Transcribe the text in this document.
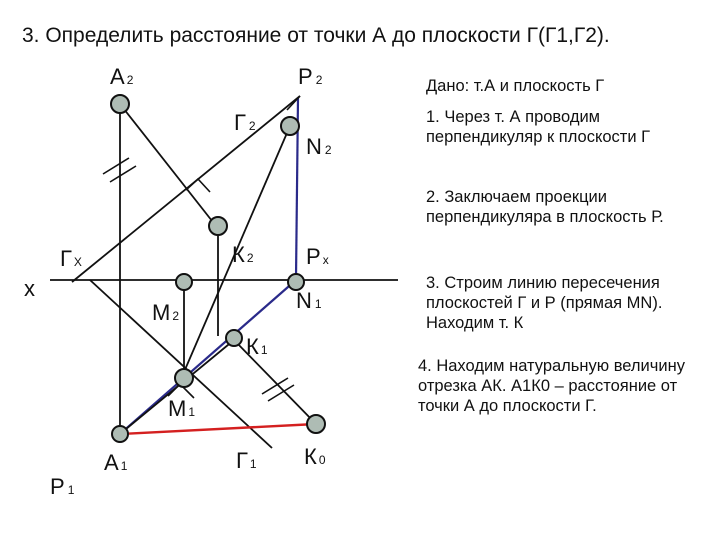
3. Определить расстояние от точки А до плоскости Г(Г1,Г2).
А 2	P 2
Г 2
N 2
Г X	К 2 Px
x	N 1
M 2
К 1
M 1
P 1
А 1	Г 1 К 0
Дано: т.А и плоскость Г
1. Через т. А проводим перпендикуляр к плоскости Г
2. Заключаем проекции перпендикуляра в плоскость Р.
3. Строим линию пересечения плоскостей Г и Р (прямая MN). Находим т. К
4. Находим натуральную величину отрезка АК. А1К0 – расстояние от точки А до плоскости Г.
